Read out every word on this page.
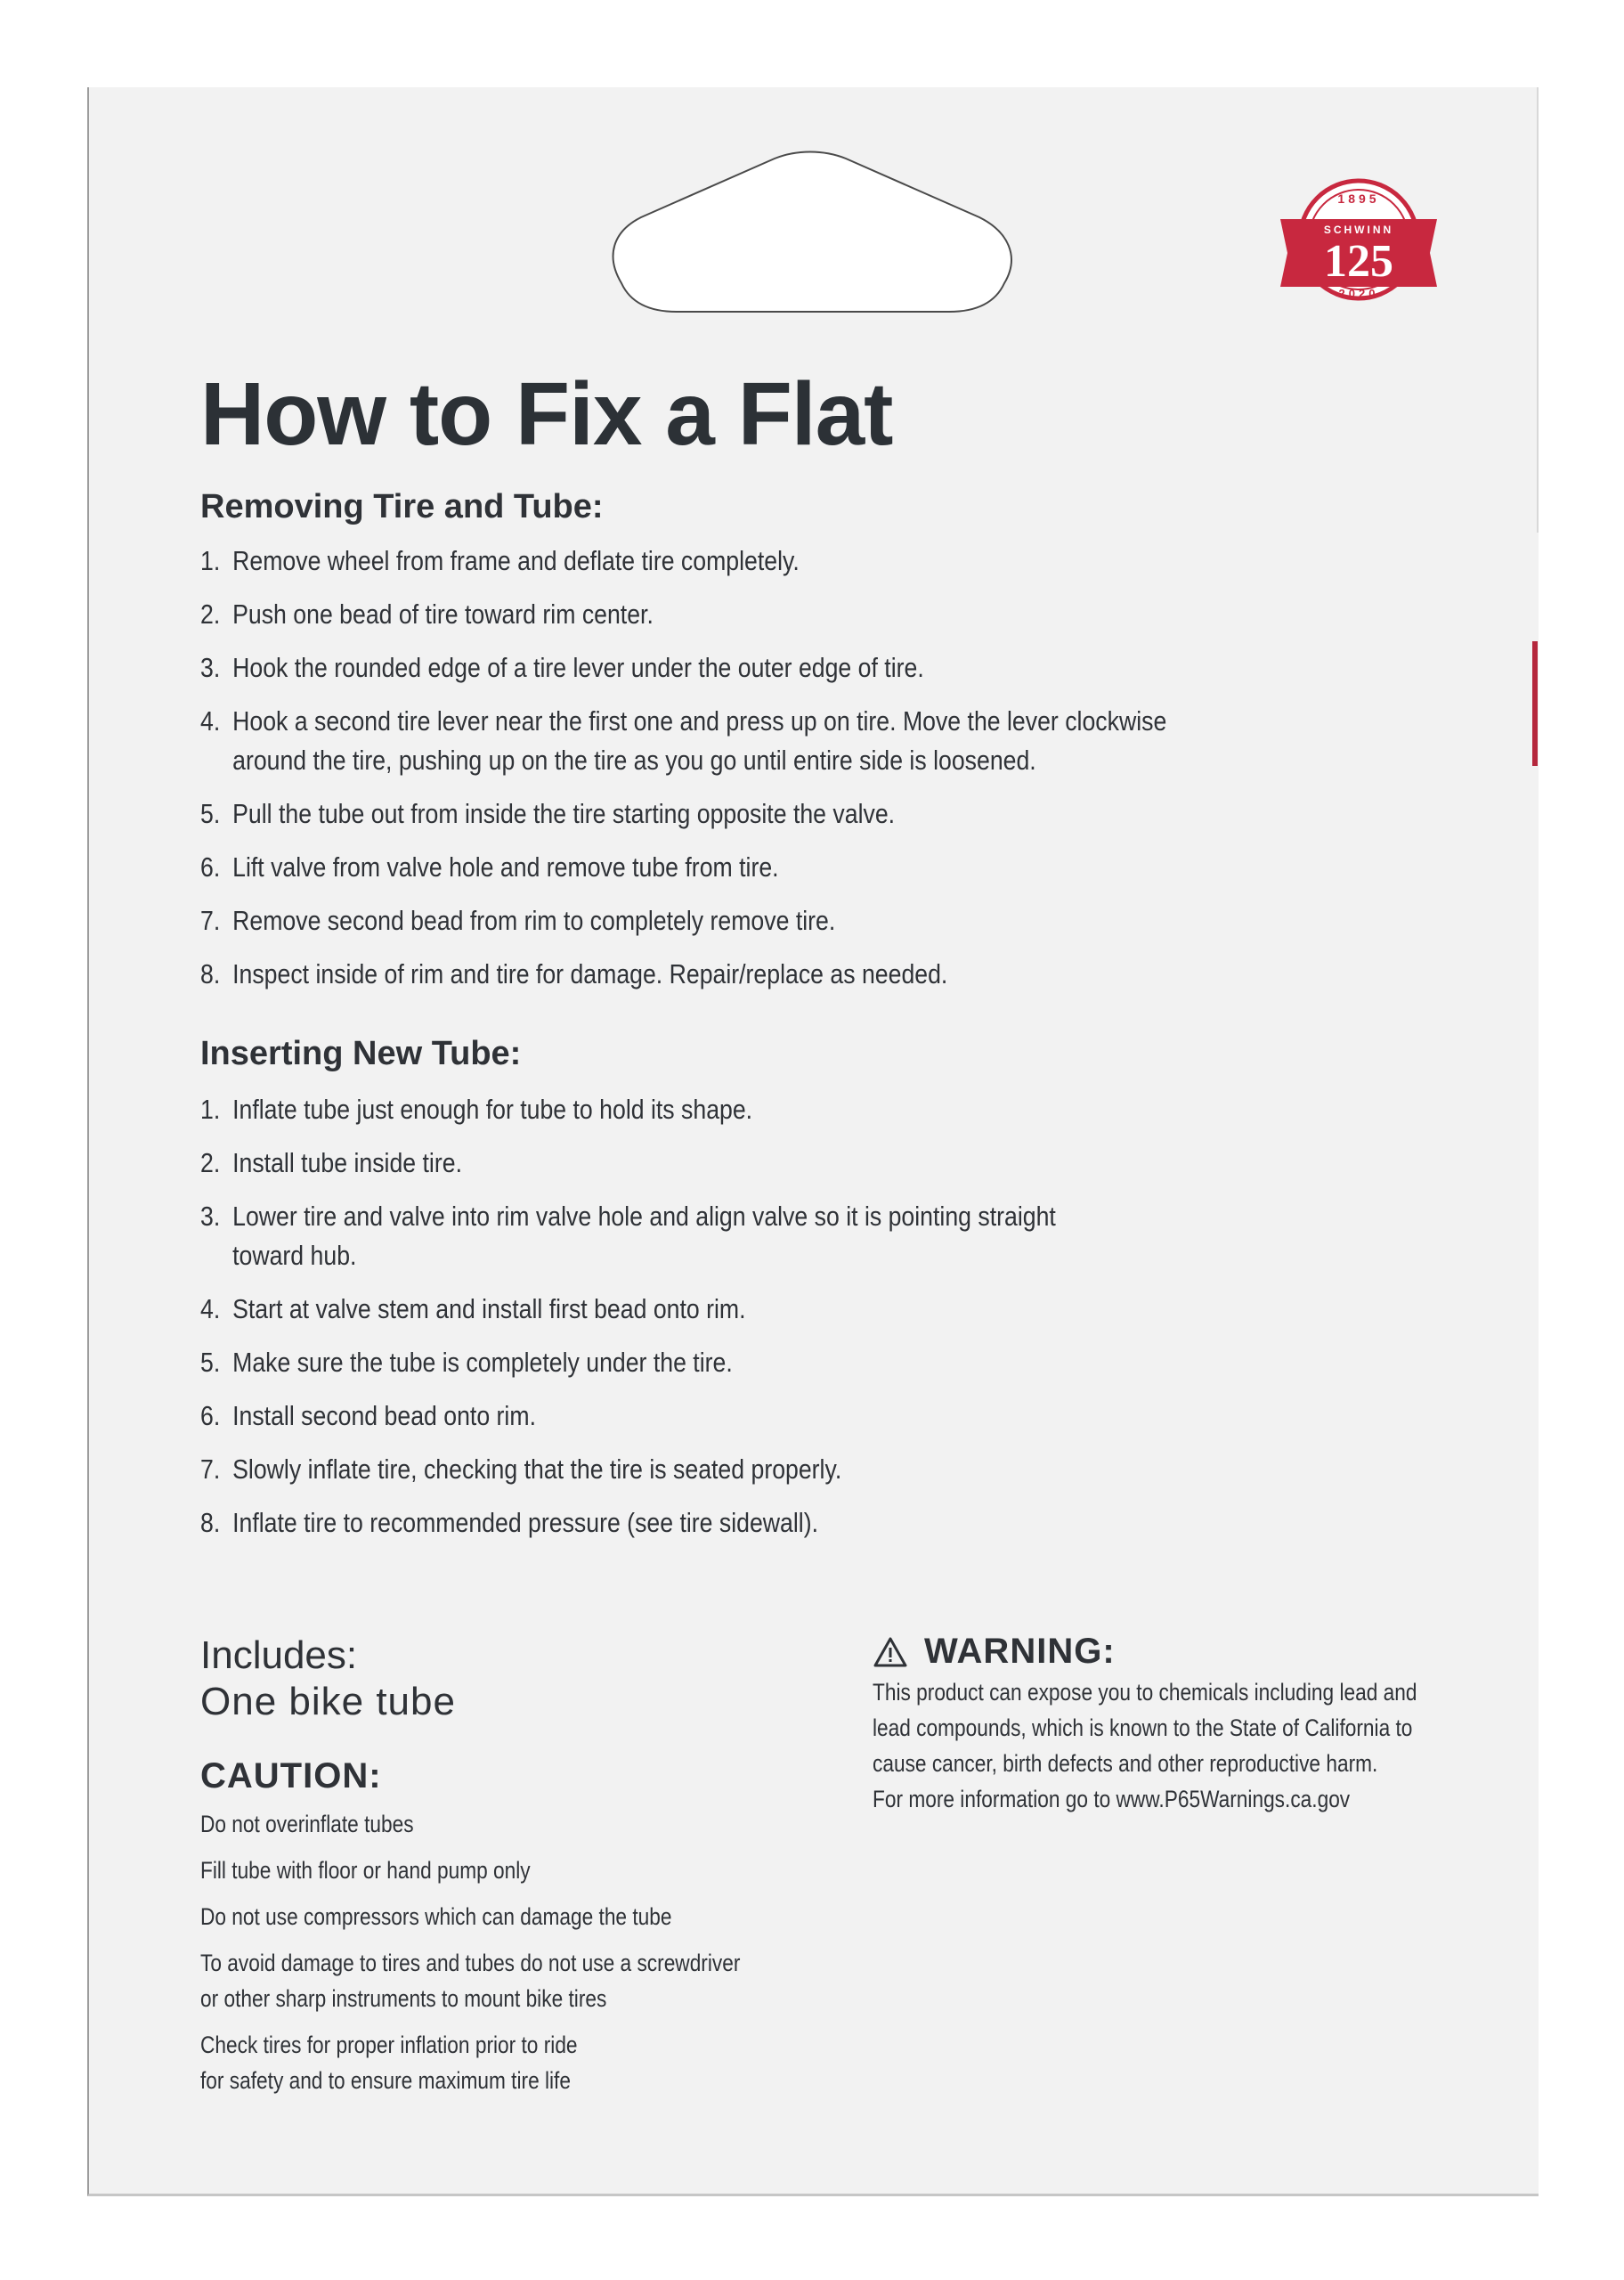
1895
SCHWINN
125
2020
How to Fix a Flat
Removing Tire and Tube:
1. Remove wheel from frame and deflate tire completely.
2. Push one bead of tire toward rim center.
3. Hook the rounded edge of a tire lever under the outer edge of tire.
4. Hook a second tire lever near the first one and press up on tire. Move the lever clockwise
around the tire, pushing up on the tire as you go until entire side is loosened.
5. Pull the tube out from inside the tire starting opposite the valve.
6. Lift valve from valve hole and remove tube from tire.
7. Remove second bead from rim to completely remove tire.
8. Inspect inside of rim and tire for damage. Repair/replace as needed.
Inserting New Tube:
1. Inflate tube just enough for tube to hold its shape.
2. Install tube inside tire.
3. Lower tire and valve into rim valve hole and align valve so it is pointing straight
toward hub.
4. Start at valve stem and install first bead onto rim.
5. Make sure the tube is completely under the tire.
6. Install second bead onto rim.
7. Slowly inflate tire, checking that the tire is seated properly.
8. Inflate tire to recommended pressure (see tire sidewall).

Includes:

One bike tube

CAUTION:
Do not overinflate tubes
Fill tube with floor or hand pump only
Do not use compressors which can damage the tube
To avoid damage to tires and tubes do not use a screwdriver
or other sharp instruments to mount bike tires
Check tires for proper inflation prior to ride
for safety and to ensure maximum tire life
WARNING:

This product can expose you to chemicals including lead and
lead compounds, which is known to the State of California to
cause cancer, birth defects and other reproductive harm.
For more information go to www.P65Warnings.ca.gov
